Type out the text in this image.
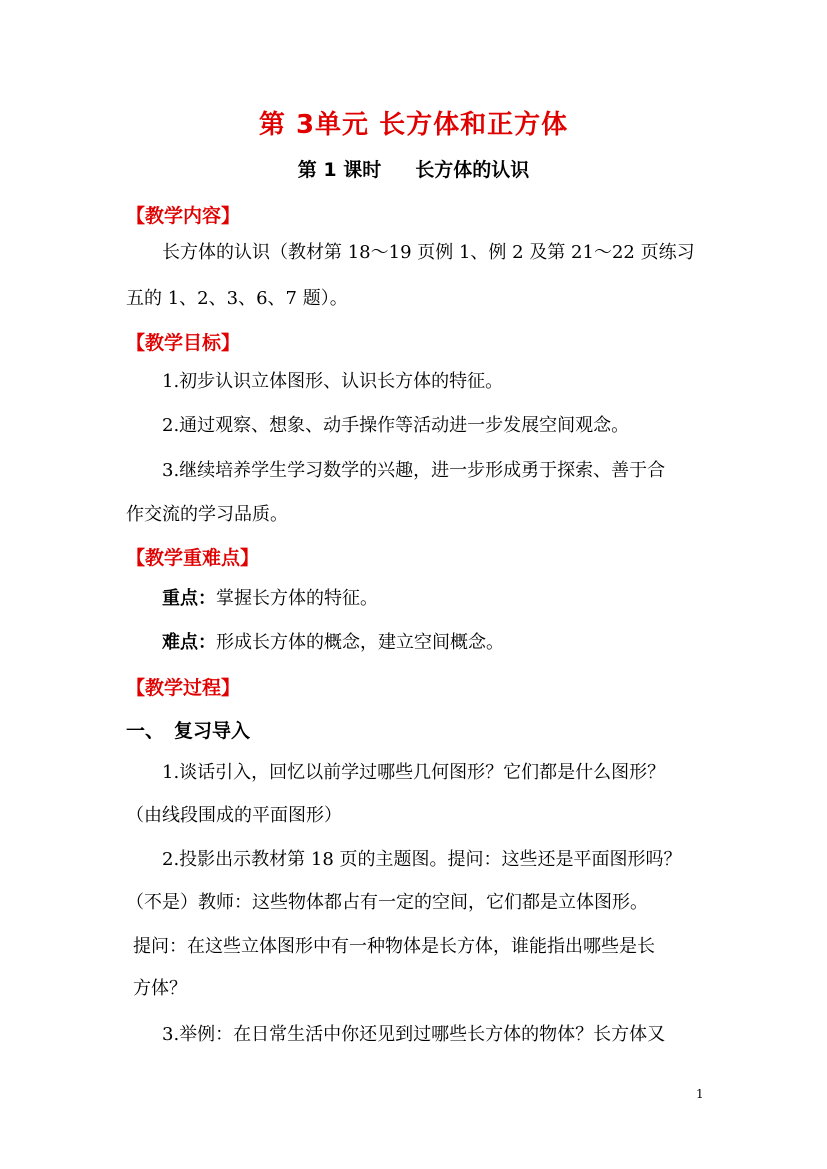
第 3单元 长方体和正方体
第 1 课时 长方体的认识
【教学内容】
长方体的认识（教材第 18～19 页例 1、例 2 及第 21～22 页练习
五的 1、2、3、6、7 题）。
【教学目标】
1.初步认识立体图形、认识长方体的特征。
2.通过观察、想象、动手操作等活动进一步发展空间观念。
3.继续培养学生学习数学的兴趣，进一步形成勇于探索、善于合
作交流的学习品质。
【教学重难点】
重点：掌握长方体的特征。
难点：形成长方体的概念，建立空间概念。
【教学过程】
一、 复习导入
1.谈话引入，回忆以前学过哪些几何图形？它们都是什么图形？
（由线段围成的平面图形）
2.投影出示教材第 18 页的主题图。提问：这些还是平面图形吗？
（不是）教师：这些物体都占有一定的空间，它们都是立体图形。
提问：在这些立体图形中有一种物体是长方体，谁能指出哪些是长
方体？
3.举例：在日常生活中你还见到过哪些长方体的物体？长方体又
1
